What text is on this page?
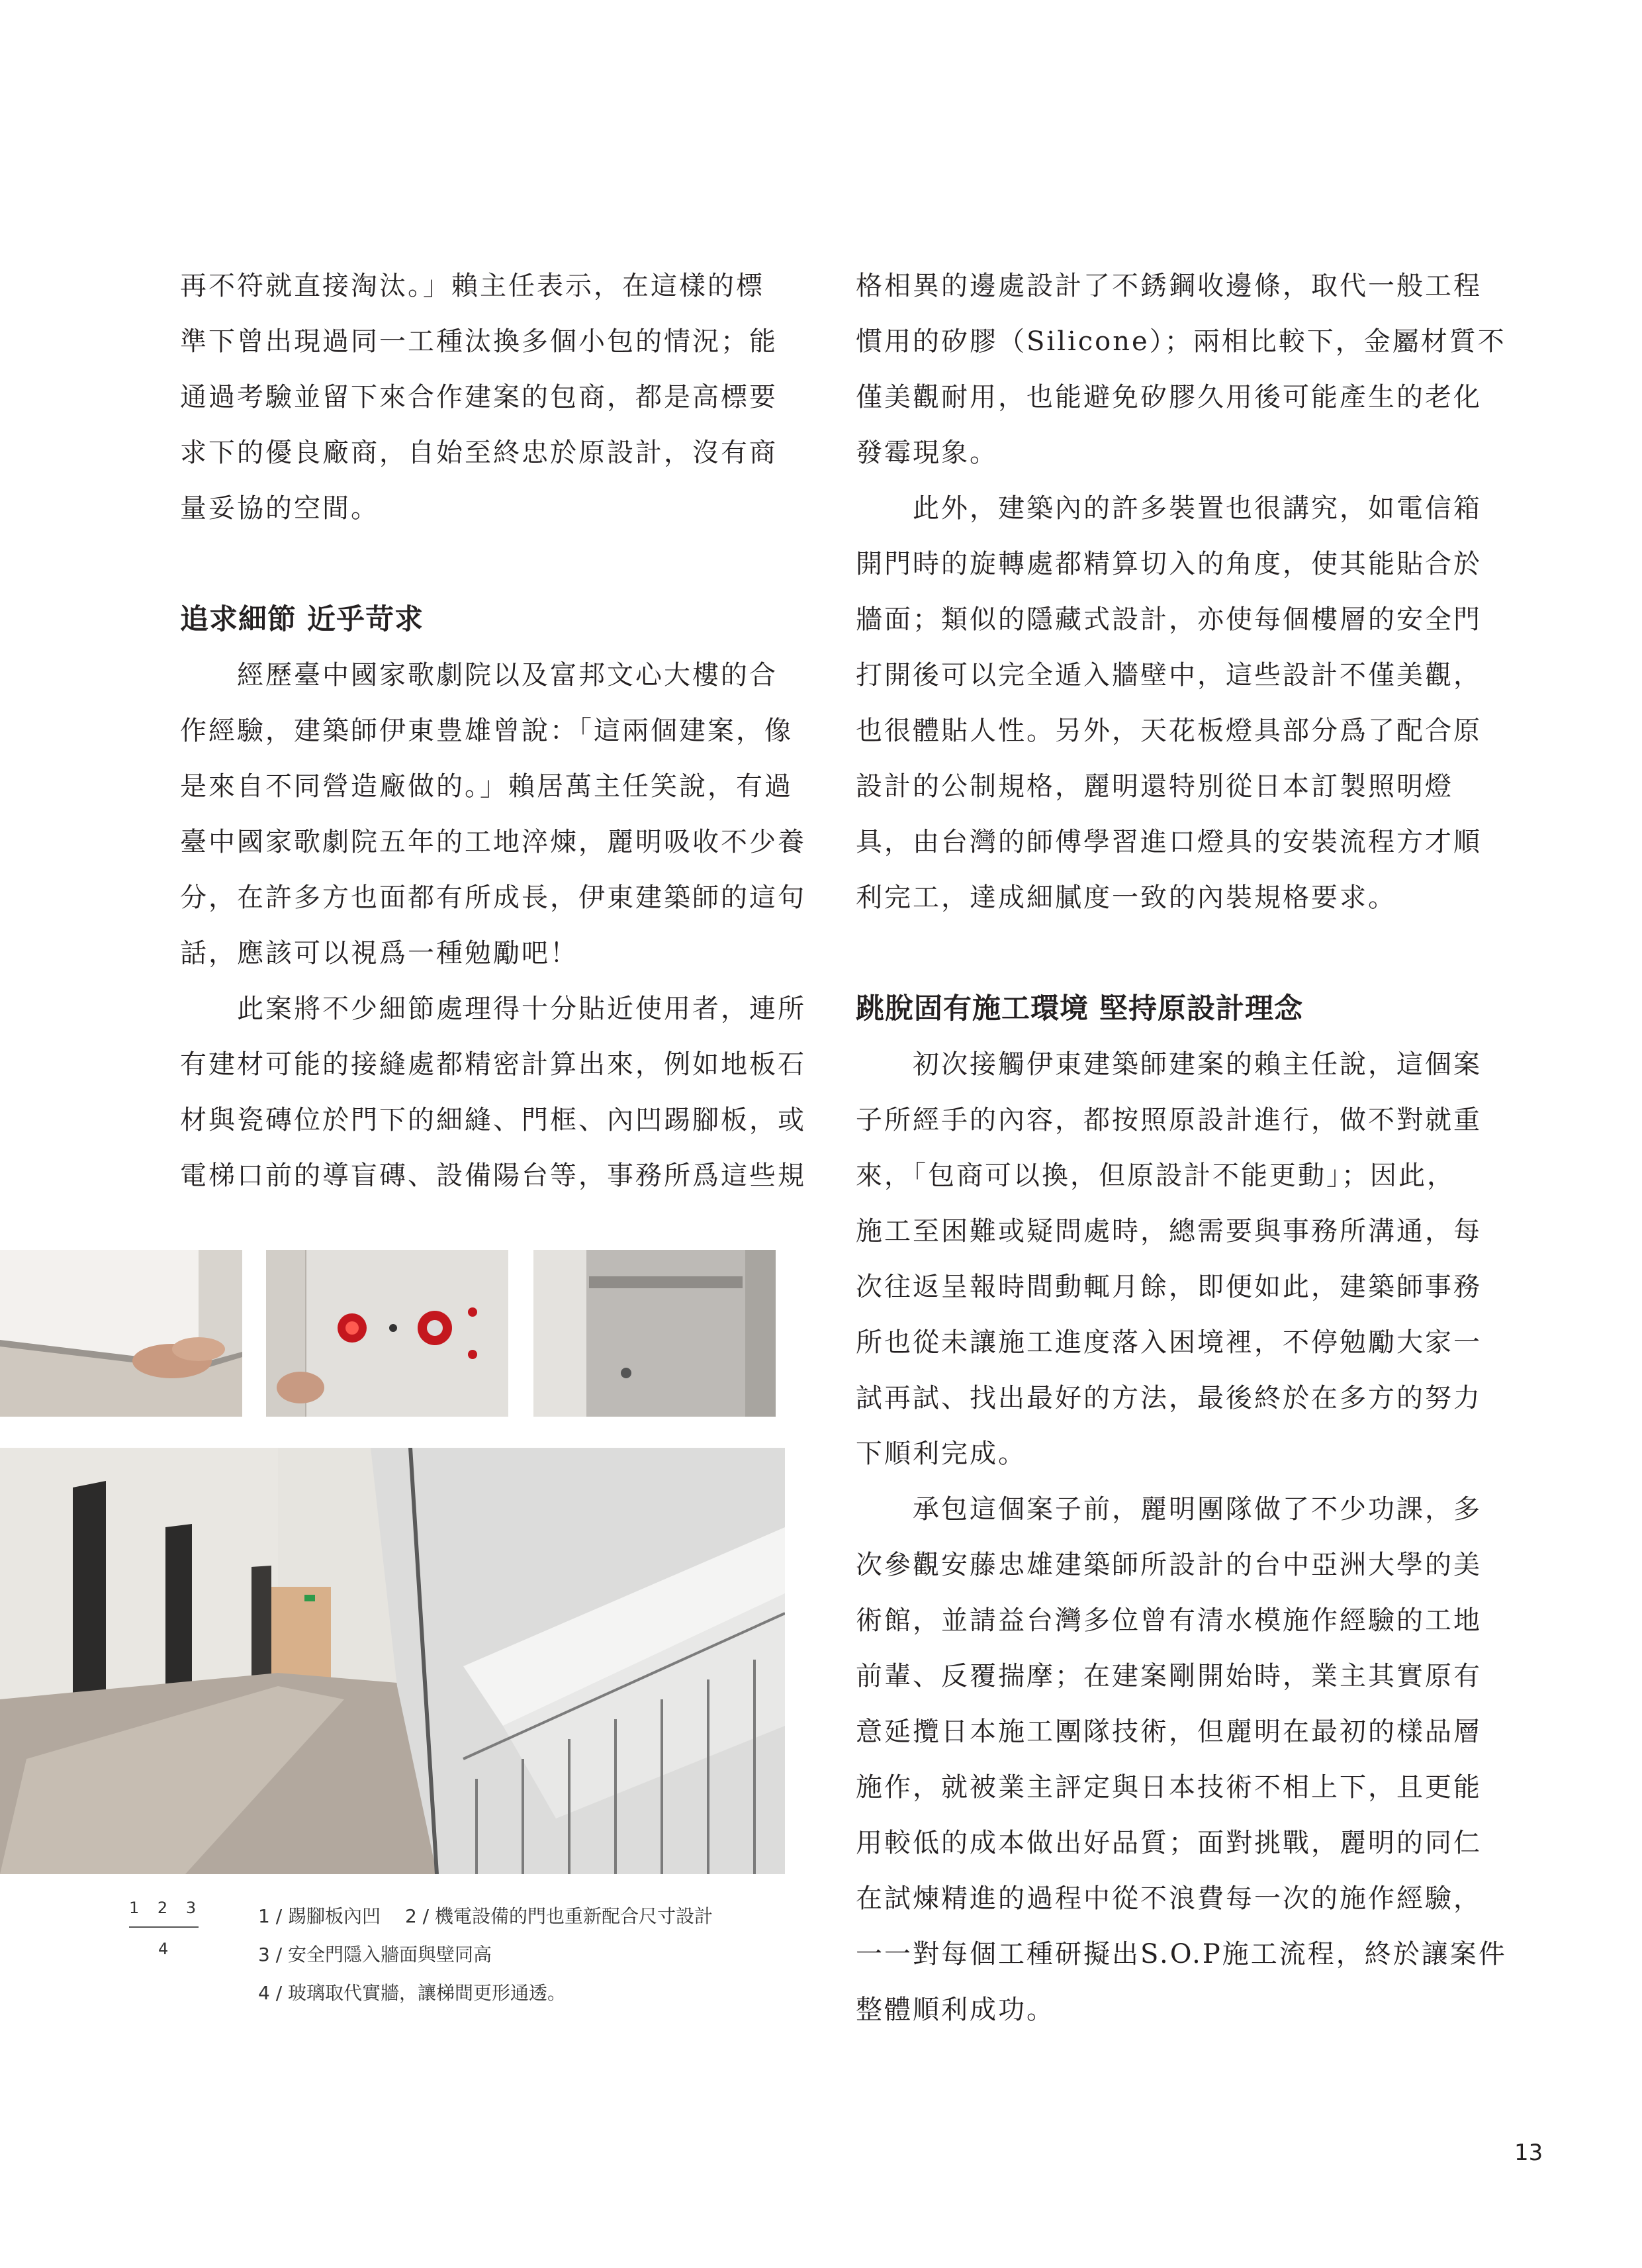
再不符就直接淘汰。」賴主任表示，在這樣的標
準下曾出現過同一工種汰換多個小包的情況；能
通過考驗並留下來合作建案的包商，都是高標要
求下的優良廠商，自始至終忠於原設計，沒有商
量妥協的空間。
追求細節 近乎苛求
　　經歷臺中國家歌劇院以及富邦文心大樓的合
作經驗，建築師伊東豊雄曾說：「這兩個建案，像
是來自不同營造廠做的。」賴居萬主任笑說，有過
臺中國家歌劇院五年的工地淬煉，麗明吸收不少養
分，在許多方也面都有所成長，伊東建築師的這句
話，應該可以視爲一種勉勵吧！
　　此案將不少細節處理得十分貼近使用者，連所
有建材可能的接縫處都精密計算出來，例如地板石
材與瓷磚位於門下的細縫、門框、內凹踢腳板，或
電梯口前的導盲磚、設備陽台等，事務所爲這些規
格相異的邊處設計了不銹鋼收邊條，取代一般工程
慣用的矽膠（Silicone）；兩相比較下，金屬材質不
僅美觀耐用，也能避免矽膠久用後可能產生的老化
發霉現象。
　　此外，建築內的許多裝置也很講究，如電信箱
開門時的旋轉處都精算切入的角度，使其能貼合於
牆面；類似的隱藏式設計，亦使每個樓層的安全門
打開後可以完全遁入牆壁中，這些設計不僅美觀，
也很體貼人性。另外，天花板燈具部分爲了配合原
設計的公制規格，麗明還特別從日本訂製照明燈
具，由台灣的師傅學習進口燈具的安裝流程方才順
利完工，達成細膩度一致的內裝規格要求。
跳脫固有施工環境 堅持原設計理念
　　初次接觸伊東建築師建案的賴主任說，這個案
子所經手的內容，都按照原設計進行，做不對就重
來，「包商可以換，但原設計不能更動」；因此，
施工至困難或疑問處時，總需要與事務所溝通，每
次往返呈報時間動輒月餘，即便如此，建築師事務
所也從未讓施工進度落入困境裡，不停勉勵大家一
試再試、找出最好的方法，最後終於在多方的努力
下順利完成。
　　承包這個案子前，麗明團隊做了不少功課，多
次參觀安藤忠雄建築師所設計的台中亞洲大學的美
術館，並請益台灣多位曾有清水模施作經驗的工地
前輩、反覆揣摩；在建案剛開始時，業主其實原有
意延攬日本施工團隊技術，但麗明在最初的樣品層
施作，就被業主評定與日本技術不相上下，且更能
用較低的成本做出好品質；面對挑戰，麗明的同仁
在試煉精進的過程中從不浪費每一次的施作經驗，
一一對每個工種研擬出S.O.P施工流程，終於讓案件
整體順利成功。
1 2 3
4
1 / 踢腳板內凹　 2 / 機電設備的門也重新配合尺寸設計
3 / 安全門隱入牆面與壁同高
4 / 玻璃取代實牆，讓梯間更形通透。
13
